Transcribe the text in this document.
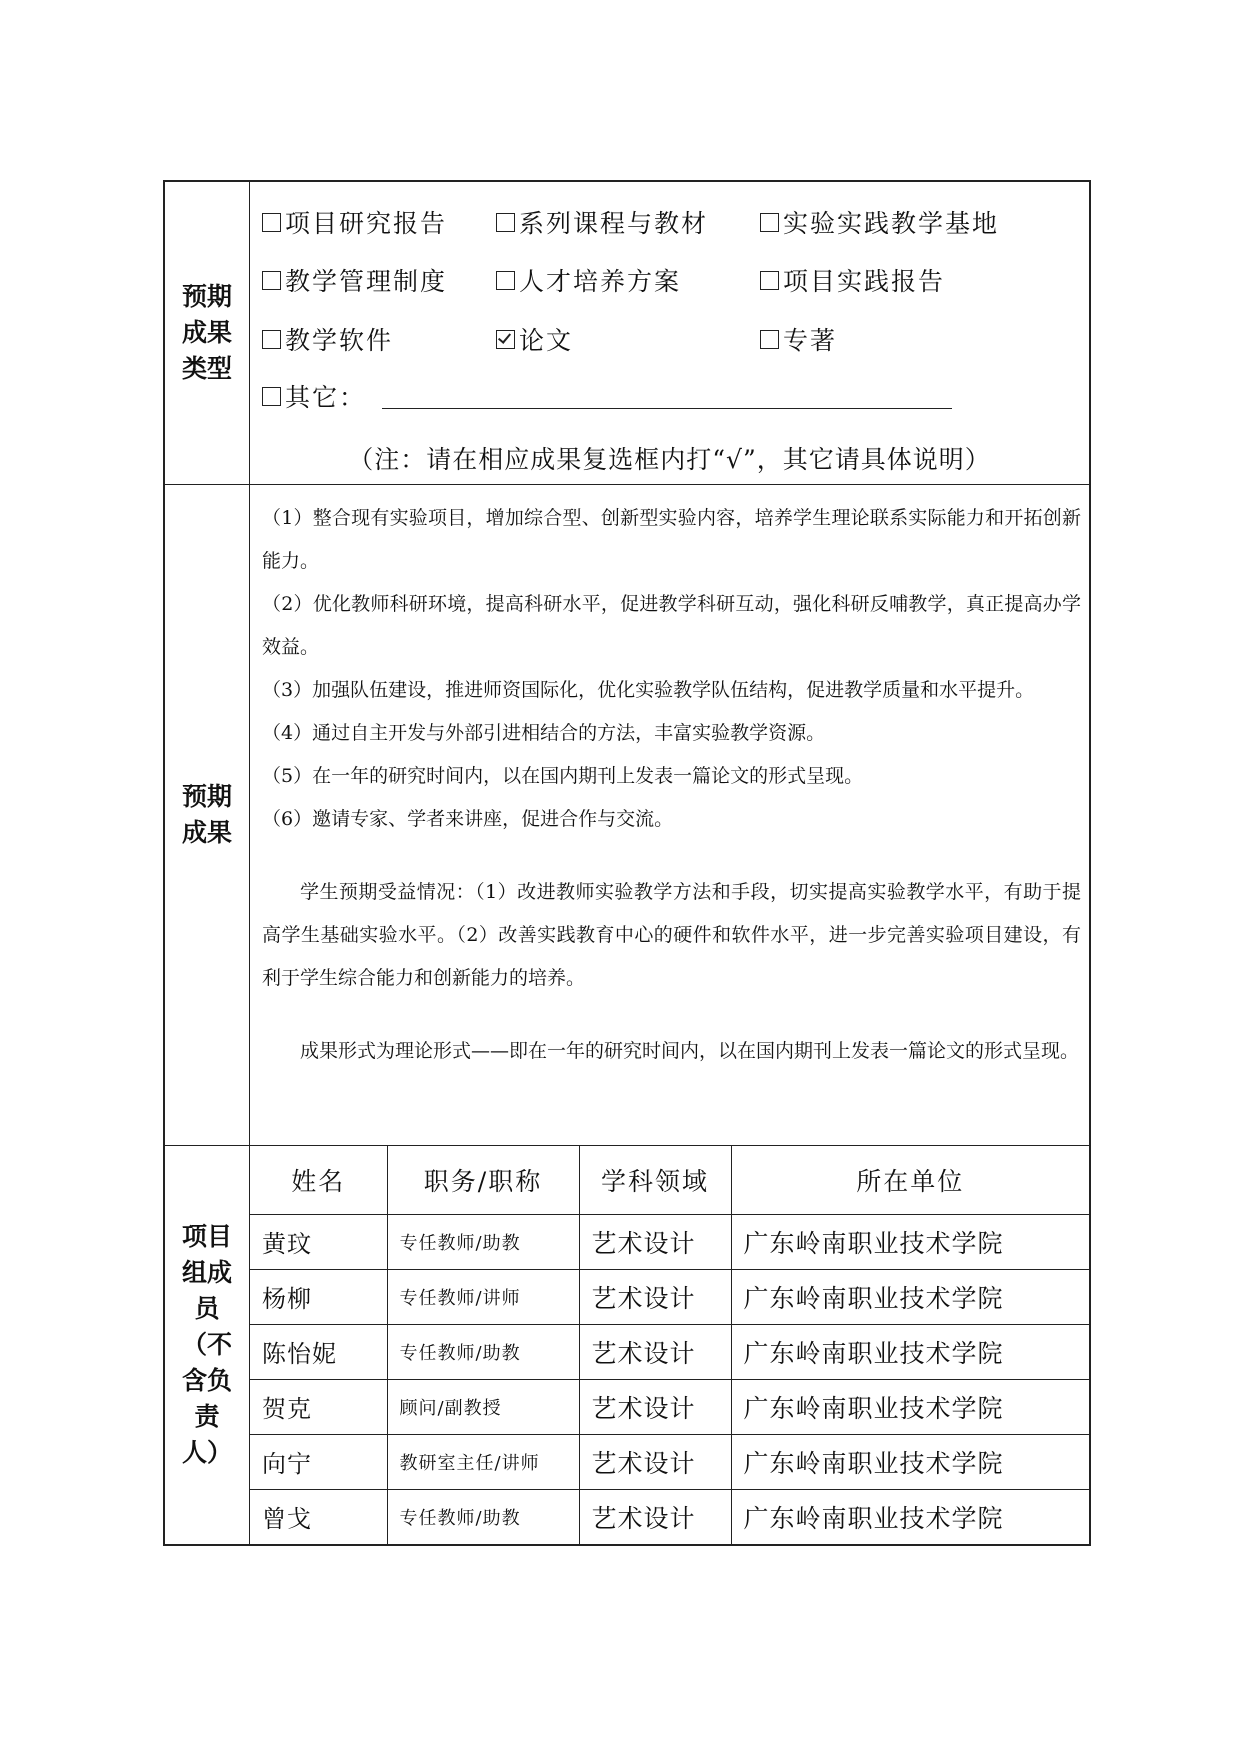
预期成果类型
项目研究报告	系列课程与教材	实验实践教学基地
教学管理制度	人才培养方案	项目实践报告
教学软件	论文	专著
其它：
（注：请在相应成果复选框内打“√”，其它请具体说明）
预期成果

（1）整合现有实验项目，增加综合型、创新型实验内容，培养学生理论联系实际能力和开拓创新能力。

（2）优化教师科研环境，提高科研水平，促进教学科研互动，强化科研反哺教学，真正提高办学效益。

（3）加强队伍建设，推进师资国际化，优化实验教学队伍结构，促进教学质量和水平提升。

（4）通过自主开发与外部引进相结合的方法，丰富实验教学资源。

（5）在一年的研究时间内，以在国内期刊上发表一篇论文的形式呈现。

（6）邀请专家、学者来讲座，促进合作与交流。

学生预期受益情况：（1）改进教师实验教学方法和手段，切实提高实验教学水平，有助于提高学生基础实验水平。（2）改善实践教育中心的硬件和软件水平，进一步完善实验项目建设，有利于学生综合能力和创新能力的培养。

成果形式为理论形式——即在一年的研究时间内，以在国内期刊上发表一篇论文的形式呈现。

项目组成员（不含负责人）
姓名	职务/职称	学科领域	所在单位
黄玟	专任教师/助教	艺术设计	广东岭南职业技术学院
杨柳	专任教师/讲师	艺术设计	广东岭南职业技术学院
陈怡妮	专任教师/助教	艺术设计	广东岭南职业技术学院
贺克	顾问/副教授	艺术设计	广东岭南职业技术学院
向宁	教研室主任/讲师	艺术设计	广东岭南职业技术学院
曾戈	专任教师/助教	艺术设计	广东岭南职业技术学院
